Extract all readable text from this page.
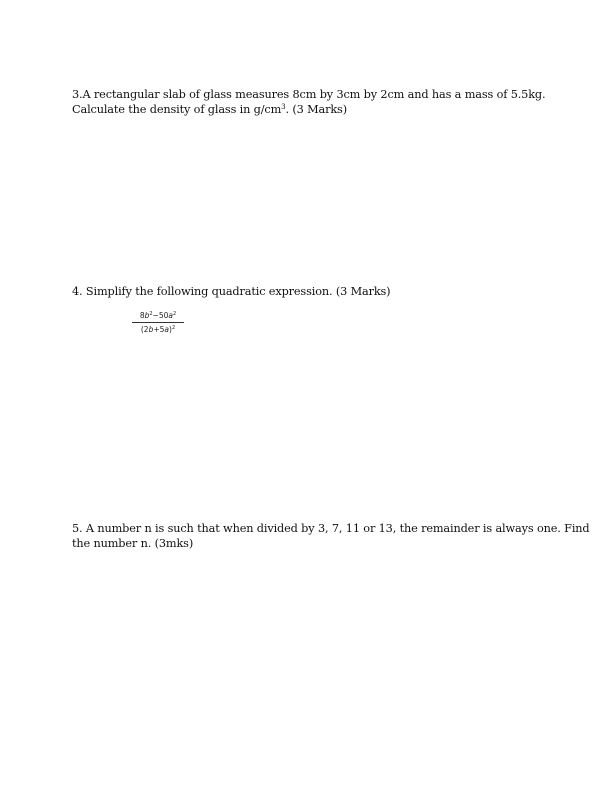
3.A rectangular slab of glass measures 8cm by 3cm by 2cm and has a mass of 5.5kg.
Calculate the density of glass in $g/cm^3$. (3 Marks)
4. Simplify the following quadratic expression. (3 Marks)
$8b^2-50a^2$
$(2b+5a)^2$
5. A number n is such that when divided by 3, 7, 11 or 13, the remainder is always one. Find
the number n. (3mks)
